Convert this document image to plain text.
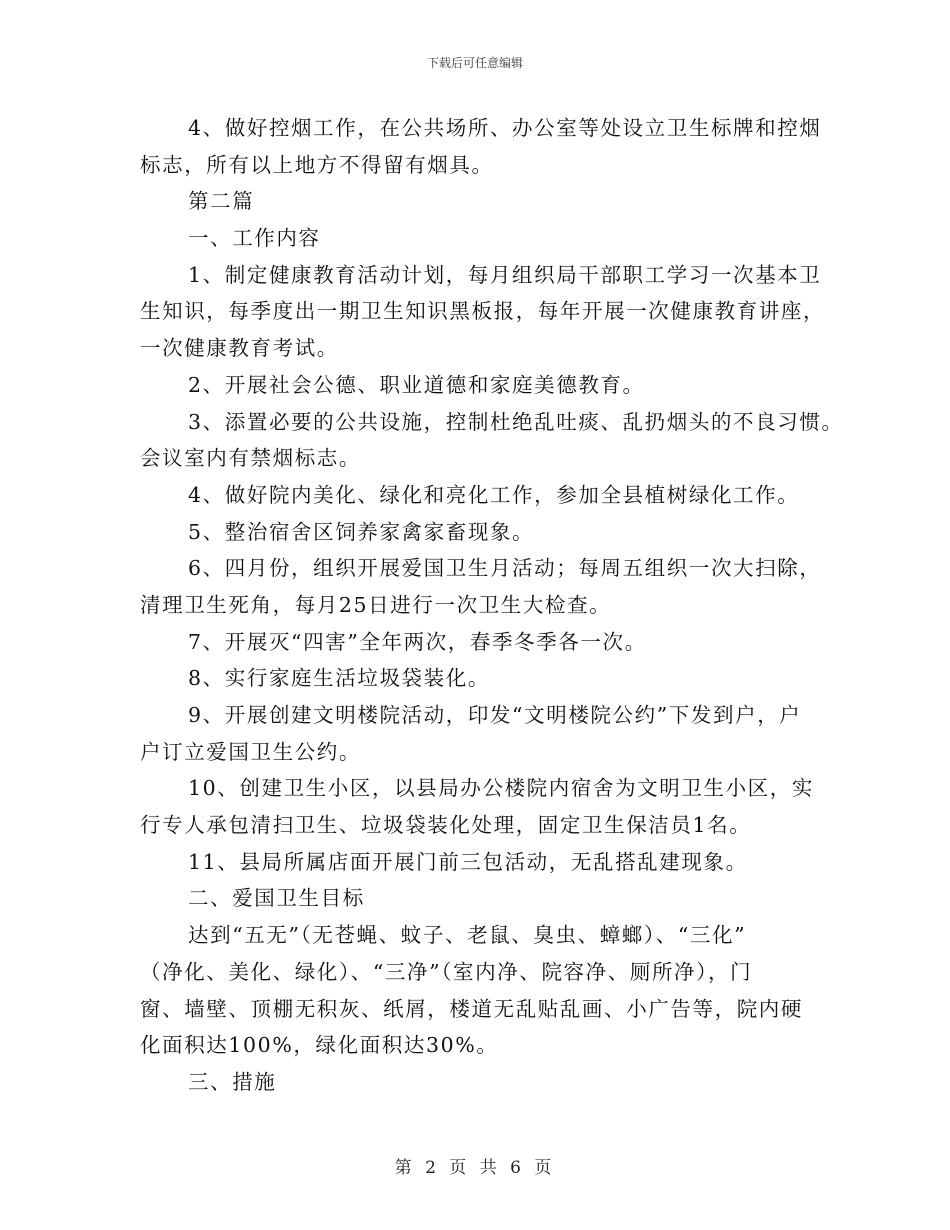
下载后可任意编辑
4、做好控烟工作，在公共场所、办公室等处设立卫生标牌和控烟
标志，所有以上地方不得留有烟具。
第二篇
一、工作内容
1、制定健康教育活动计划，每月组织局干部职工学习一次基本卫
生知识，每季度出一期卫生知识黑板报，每年开展一次健康教育讲座，
一次健康教育考试。
2、开展社会公德、职业道德和家庭美德教育。
3、添置必要的公共设施，控制杜绝乱吐痰、乱扔烟头的不良习惯。
会议室内有禁烟标志。
4、做好院内美化、绿化和亮化工作，参加全县植树绿化工作。
5、整治宿舍区饲养家禽家畜现象。
6、四月份，组织开展爱国卫生月活动；每周五组织一次大扫除，
清理卫生死角，每月25日进行一次卫生大检查。
7、开展灭“四害”全年两次，春季冬季各一次。
8、实行家庭生活垃圾袋装化。
9、开展创建文明楼院活动，印发“文明楼院公约”下发到户，户
户订立爱国卫生公约。
10、创建卫生小区，以县局办公楼院内宿舍为文明卫生小区，实
行专人承包清扫卫生、垃圾袋装化处理，固定卫生保洁员1名。
11、县局所属店面开展门前三包活动，无乱搭乱建现象。
二、爱国卫生目标
达到“五无”（无苍蝇、蚊子、老鼠、臭虫、蟑螂）、“三化”
（净化、美化、绿化）、“三净”（室内净、院容净、厕所净），门
窗、墙壁、顶棚无积灰、纸屑，楼道无乱贴乱画、小广告等，院内硬
化面积达100%，绿化面积达30%。
三、措施
第 2 页 共 6 页
